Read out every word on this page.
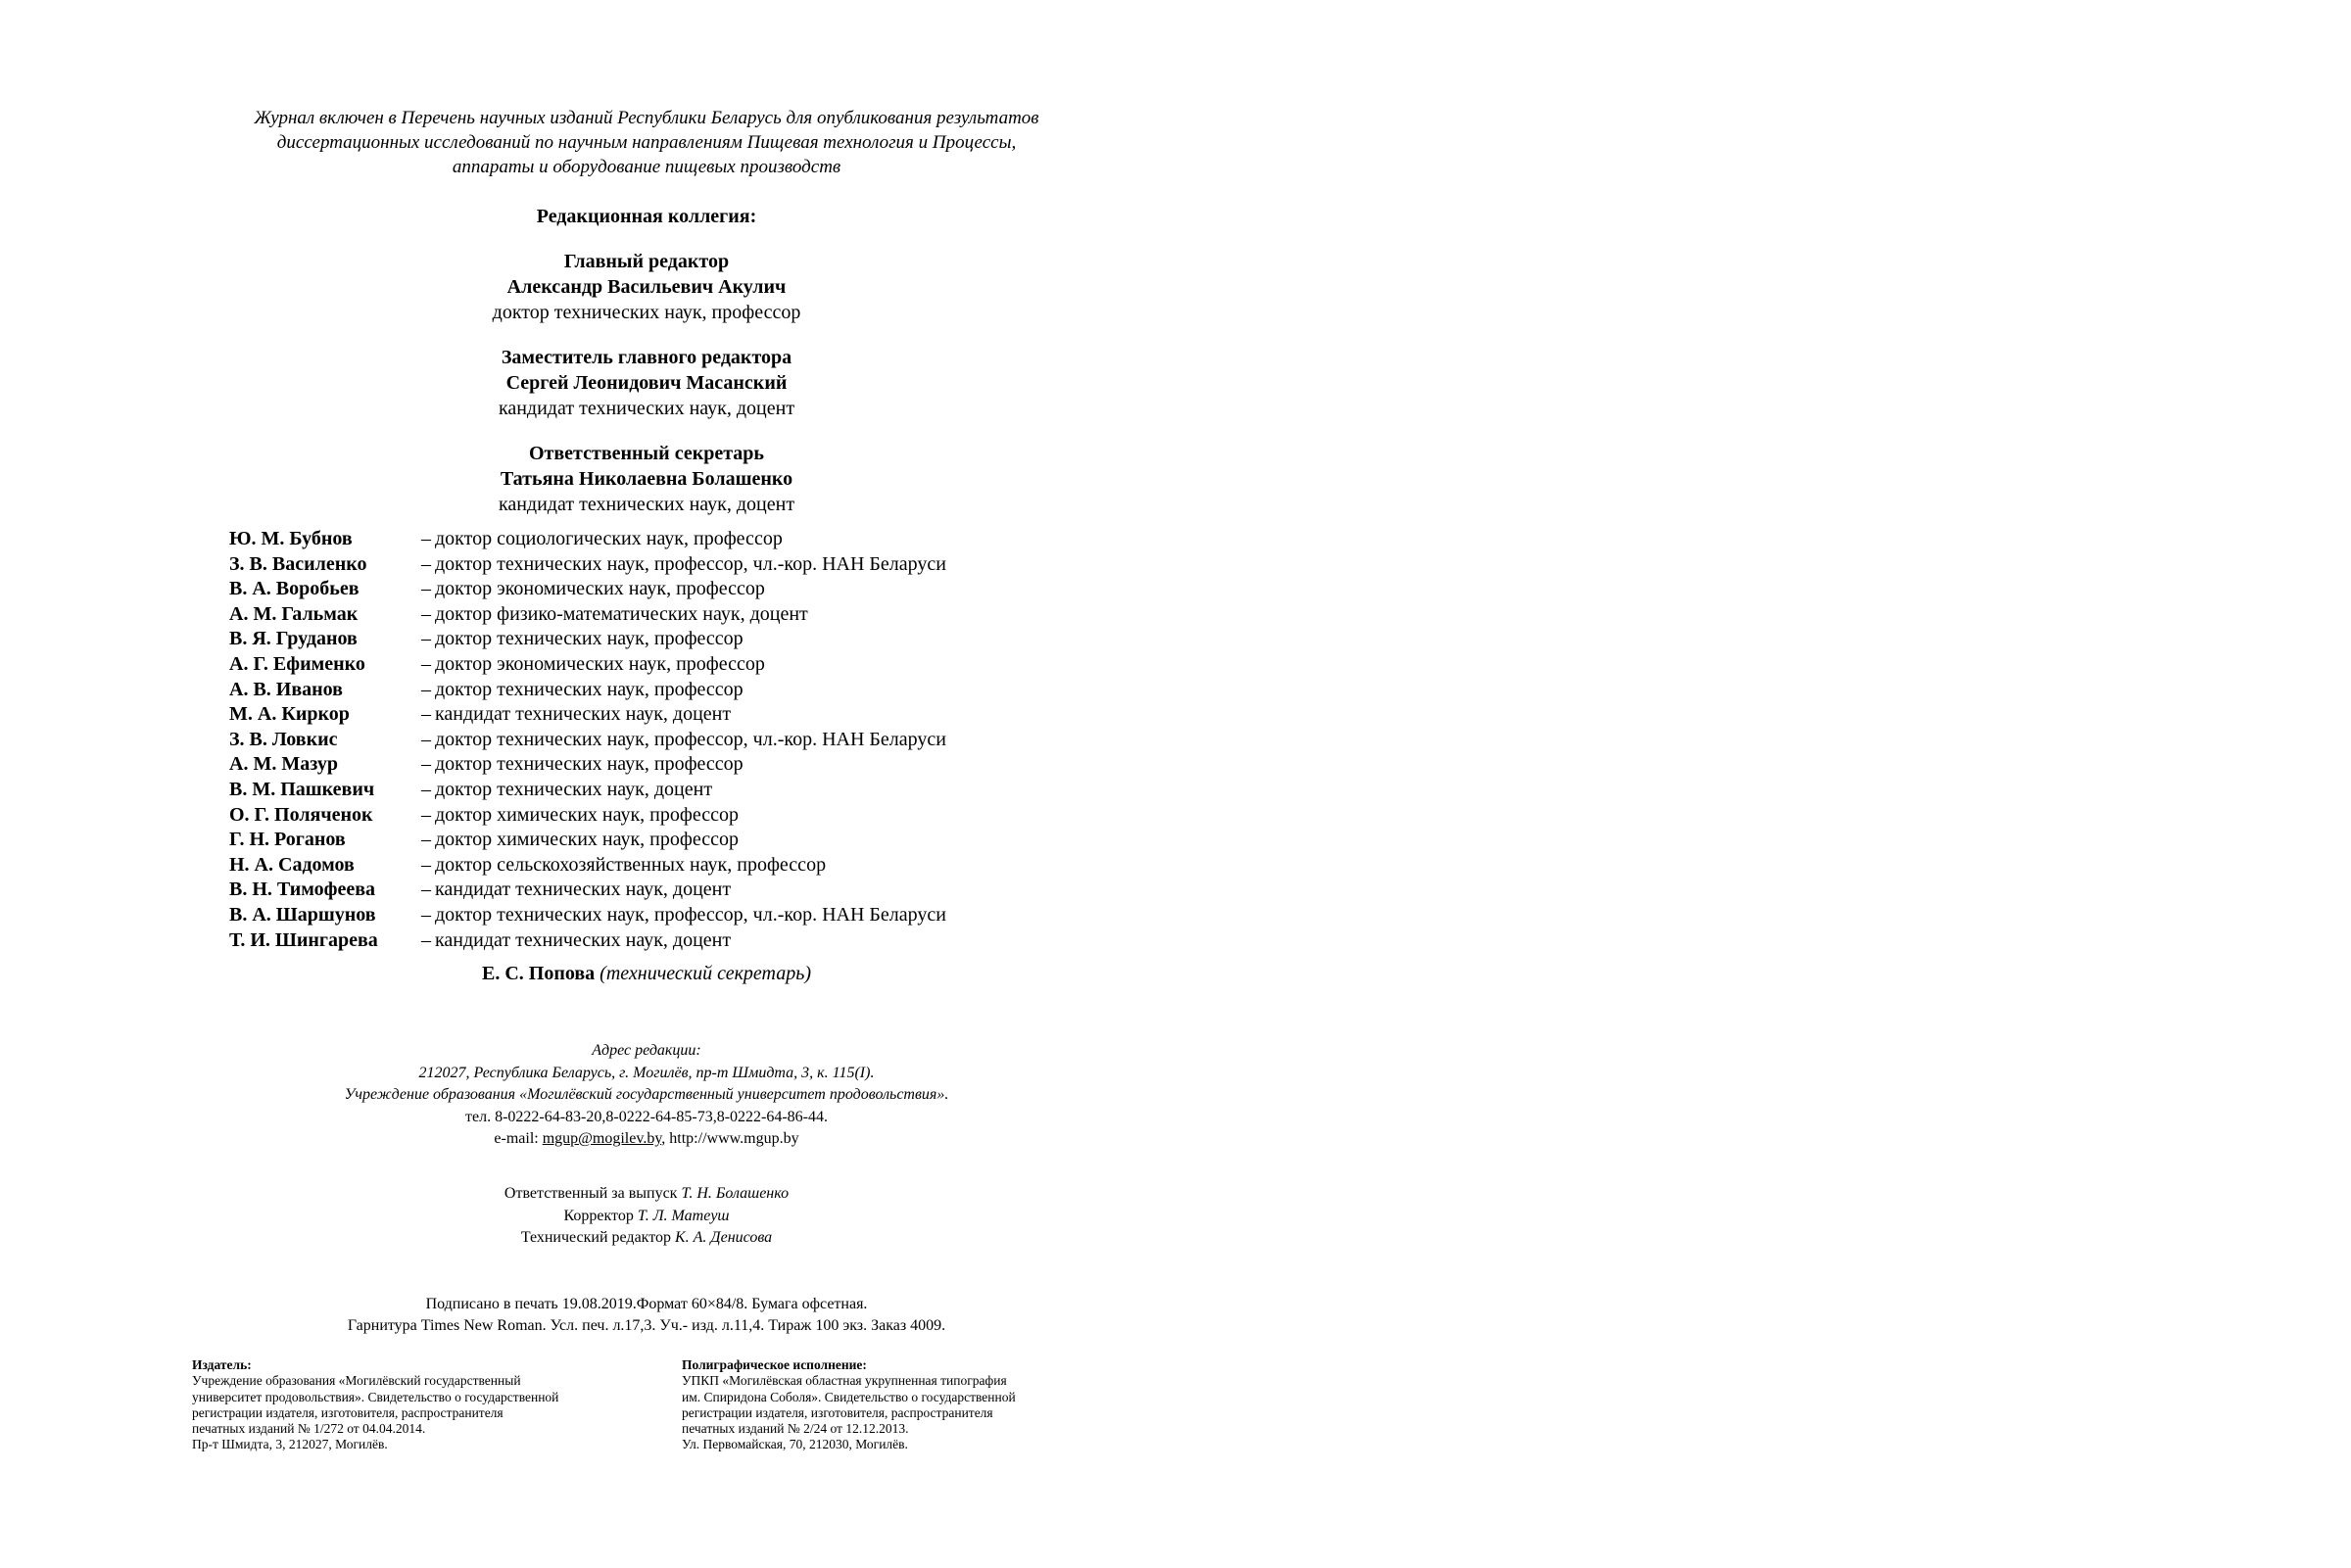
Журнал включен в Перечень научных изданий Республики Беларусь для опубликования результатов
диссертационных исследований по научным направлениям Пищевая технология и Процессы,
аппараты и оборудование пищевых производств
Редакционная коллегия:
Главный редактор
Александр Васильевич Акулич
доктор технических наук, профессор
Заместитель главного редактора
Сергей Леонидович Масанский
кандидат технических наук, доцент
Ответственный секретарь
Татьяна Николаевна Болашенко
кандидат технических наук, доцент
Ю. М. Бубнов	– доктор социологических наук, профессор
З. В. Василенко	– доктор технических наук, профессор, чл.-кор. НАН Беларуси
В. А. Воробьев	– доктор экономических наук, профессор
А. М. Гальмак	– доктор физико-математических наук, доцент
В. Я. Груданов	– доктор технических наук, профессор
А. Г. Ефименко	– доктор экономических наук, профессор
А. В. Иванов	– доктор технических наук, профессор
М. А. Киркор	– кандидат технических наук, доцент
З. В. Ловкис	– доктор технических наук, профессор, чл.-кор. НАН Беларуси
А. М. Мазур	– доктор технических наук, профессор
В. М. Пашкевич	– доктор технических наук, доцент
О. Г. Поляченок	– доктор химических наук, профессор
Г. Н. Роганов	– доктор химических наук, профессор
Н. А. Садомов	– доктор сельскохозяйственных наук, профессор
В. Н. Тимофеева	– кандидат технических наук, доцент
В. А. Шаршунов	– доктор технических наук, профессор, чл.-кор. НАН Беларуси
Т. И. Шингарева	– кандидат технических наук, доцент
Е. С. Попова (технический секретарь)
Адрес редакции:
212027, Республика Беларусь, г. Могилёв, пр-т Шмидта, 3, к. 115(I).
Учреждение образования «Могилёвский государственный университет продовольствия».
тел. 8-0222-64-83-20,8-0222-64-85-73,8-0222-64-86-44.
e-mail: mgup@mogilev.by, http://www.mgup.by
Ответственный за выпуск Т. Н. Болашенко
Корректор Т. Л. Матеуш
Технический редактор К. А. Денисова
Подписано в печать 19.08.2019.Формат 60×84/8. Бумага офсетная.
Гарнитура Times New Roman. Усл. печ. л.17,3. Уч.- изд. л.11,4. Тираж 100 экз. Заказ 4009.
Издатель:
Учреждение образования «Могилёвский государственный
университет продовольствия». Свидетельство о государственной
регистрации издателя, изготовителя, распространителя
печатных изданий № 1/272 от 04.04.2014.
Пр-т Шмидта, 3, 212027, Могилёв.
Полиграфическое исполнение:
УПКП «Могилёвская областная укрупненная типография
им. Спиридона Соболя». Свидетельство о государственной
регистрации издателя, изготовителя, распространителя
печатных изданий № 2/24 от 12.12.2013.
Ул. Первомайская, 70, 212030, Могилёв.
